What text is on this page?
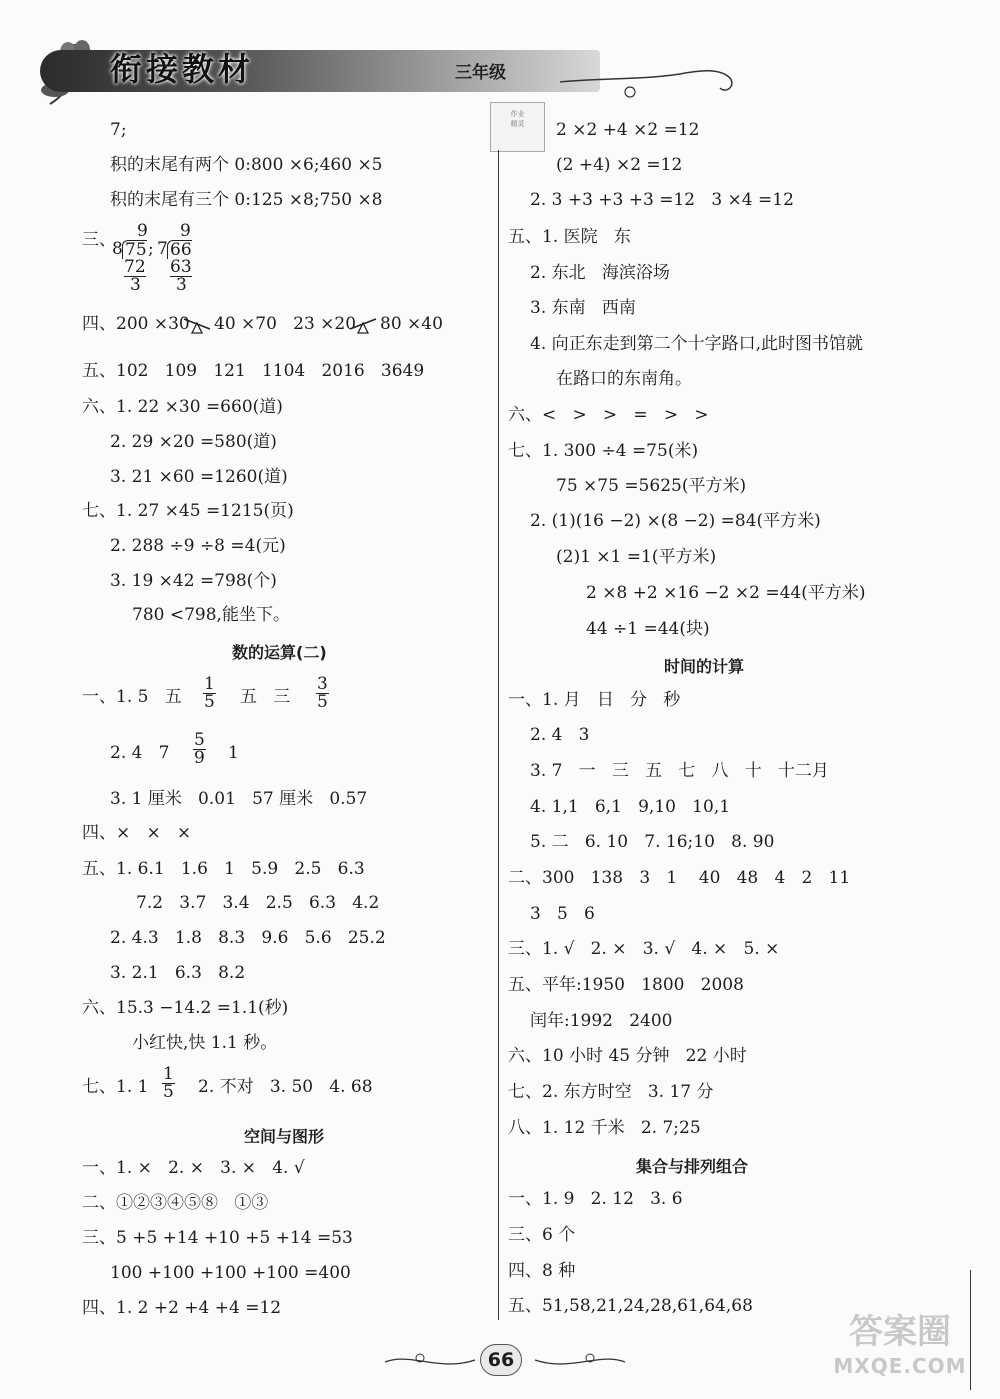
衔接教材	三年级
作业
精灵
7;
积的末尾有两个 0:800 ×6;460 ×5
积的末尾有三个 0:125 ×8;750 ×8
三、 9
8 75
72
3
;
9
7 66
63
3
四、200 ×30 40 ×70   23 ×20 80 ×40
五、102   109   121   1104   2016   3649
六、1. 22 ×30 =660(道)
2. 29 ×20 =580(道)
3. 21 ×60 =1260(道)
七、1. 27 ×45 =1215(页)
2. 288 ÷9 ÷8 =4(元)
3. 19 ×42 =798(个)
780 <798,能坐下。
数的运算(二)
一、1. 5   五 $\frac{1}{5}$ 五   三 $\frac{3}{5}$
2. 4   $7 \frac{5}{9} 1$
3. 1 厘米   0.01   57 厘米   0.57
四、×   ×   ×
五、1. 6.1   1.6   1   5.9   2.5   6.3
7.2   3.7   3.4   2.5   6.3   4.2
2. 4.3   1.8   8.3   9.6   5.6   25.2
3. 2.1   6.3   8.2
六、15.3 −14.2 =1.1(秒)
小红快,快 1.1 秒。
七、1. $1 \frac{1}{5} 2$. 不对   3. 50   4. 68
空间与图形
一、1. ×   2. ×   3. ×   4. √
二、①②③④⑤⑧   ①③
三、5 +5 +14 +10 +5 +14 =53
100 +100 +100 +100 =400
四、1. 2 +2 +4 +4 =12
2 ×2 +4 ×2 =12
(2 +4) ×2 =12
2. 3 +3 +3 +3 =12   3 ×4 =12
五、1. 医院   东
2. 东北   海滨浴场
3. 东南   西南
4. 向正东走到第二个十字路口,此时图书馆就
在路口的东南角。
六、<   >   >   =   >   >
七、1. 300 ÷4 =75(米)
75 ×75 =5625(平方米)
2. (1)(16 −2) ×(8 −2) =84(平方米)
(2)1 ×1 =1(平方米)
2 ×8 +2 ×16 −2 ×2 =44(平方米)
44 ÷1 =44(块)
时间的计算
一、1. 月   日   分   秒
2. 4   3
3. 7   一   三   五   七   八   十   十二月
4. 1,1   6,1   9,10   10,1
5. 二   6. 10   7. 16;10   8. 90
二、300   138   3   1    40   48   4   2   11
3   5   6
三、1. √   2. ×   3. √   4. ×   5. ×
五、平年:1950   1800   2008
闰年:1992   2400
六、10 小时 45 分钟   22 小时
七、2. 东方时空   3. 17 分
八、1. 12 千米   2. 7;25
集合与排列组合
一、1. 9   2. 12   3. 6
三、6 个
四、8 种
五、51,58,21,24,28,61,64,68
66
答案圈
MXQE.COM
